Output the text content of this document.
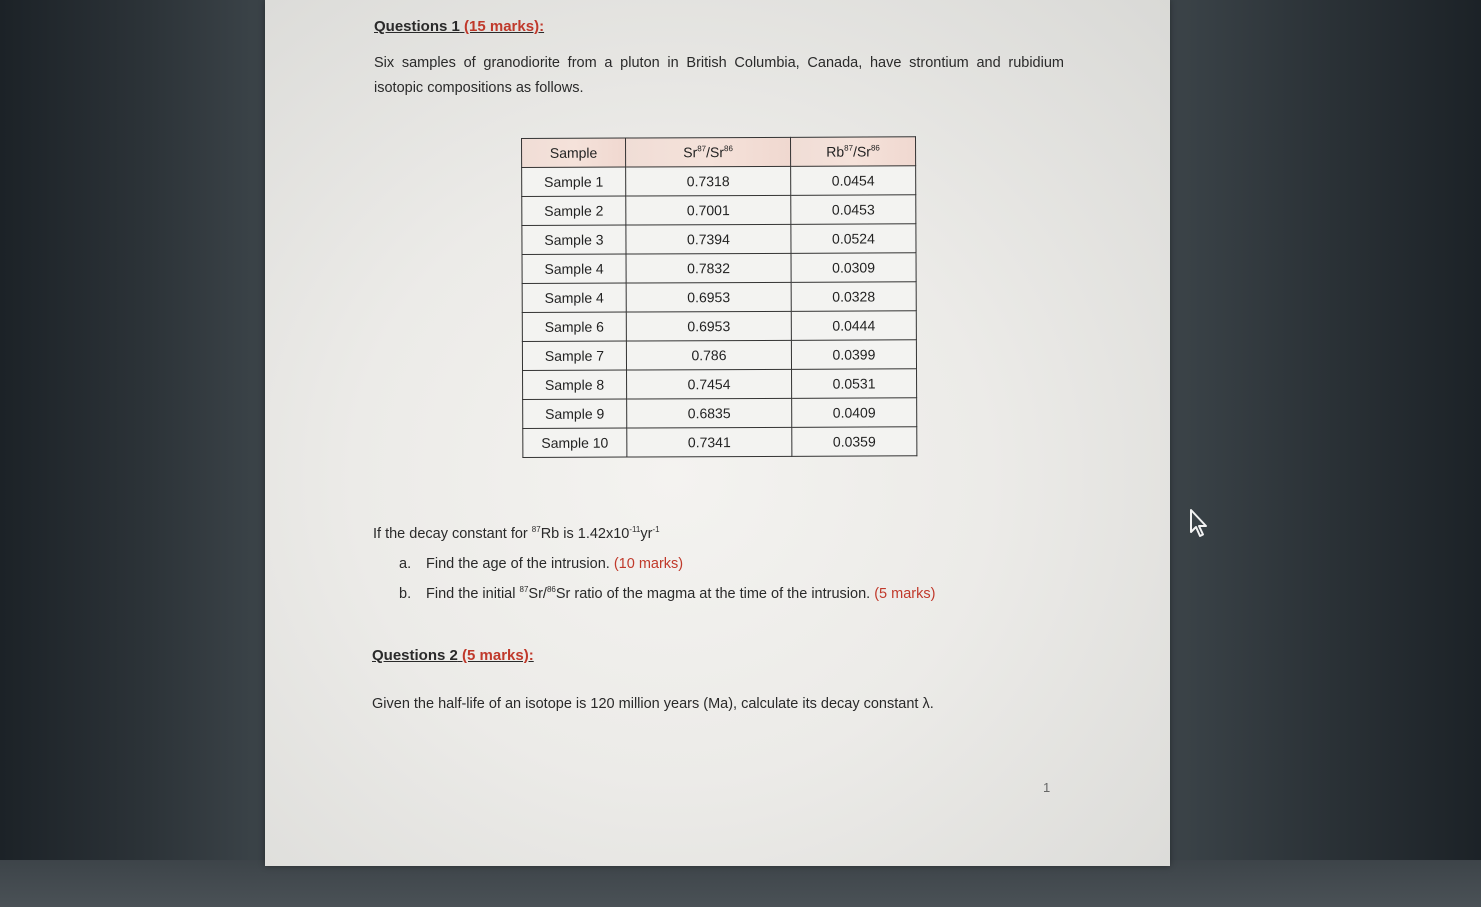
Questions 1 (15 marks):
Six samples of granodiorite from a pluton in British Columbia, Canada, have strontium and rubidium isotopic compositions as follows.
Sample	Sr$^{87}$/Sr$^{86}$	Rb$^{87}$/Sr$^{86}$
Sample 1	0.7318	0.0454
Sample 2	0.7001	0.0453
Sample 3	0.7394	0.0524
Sample 4	0.7832	0.0309
Sample 4	0.6953	0.0328
Sample 6	0.6953	0.0444
Sample 7	0.786	0.0399
Sample 8	0.7454	0.0531
Sample 9	0.6835	0.0409
Sample 10	0.7341	0.0359
If the decay constant for $^{87}$Rb is $1.42x10^{-11}yr^{-1}$
a. Find the age of the intrusion. (10 marks)
b. Find the initial $^{87}$Sr/$^{86}$Sr ratio of the magma at the time of the intrusion. (5 marks)
Questions 2 (5 marks):
Given the half-life of an isotope is 120 million years (Ma), calculate its decay constant λ.
1
